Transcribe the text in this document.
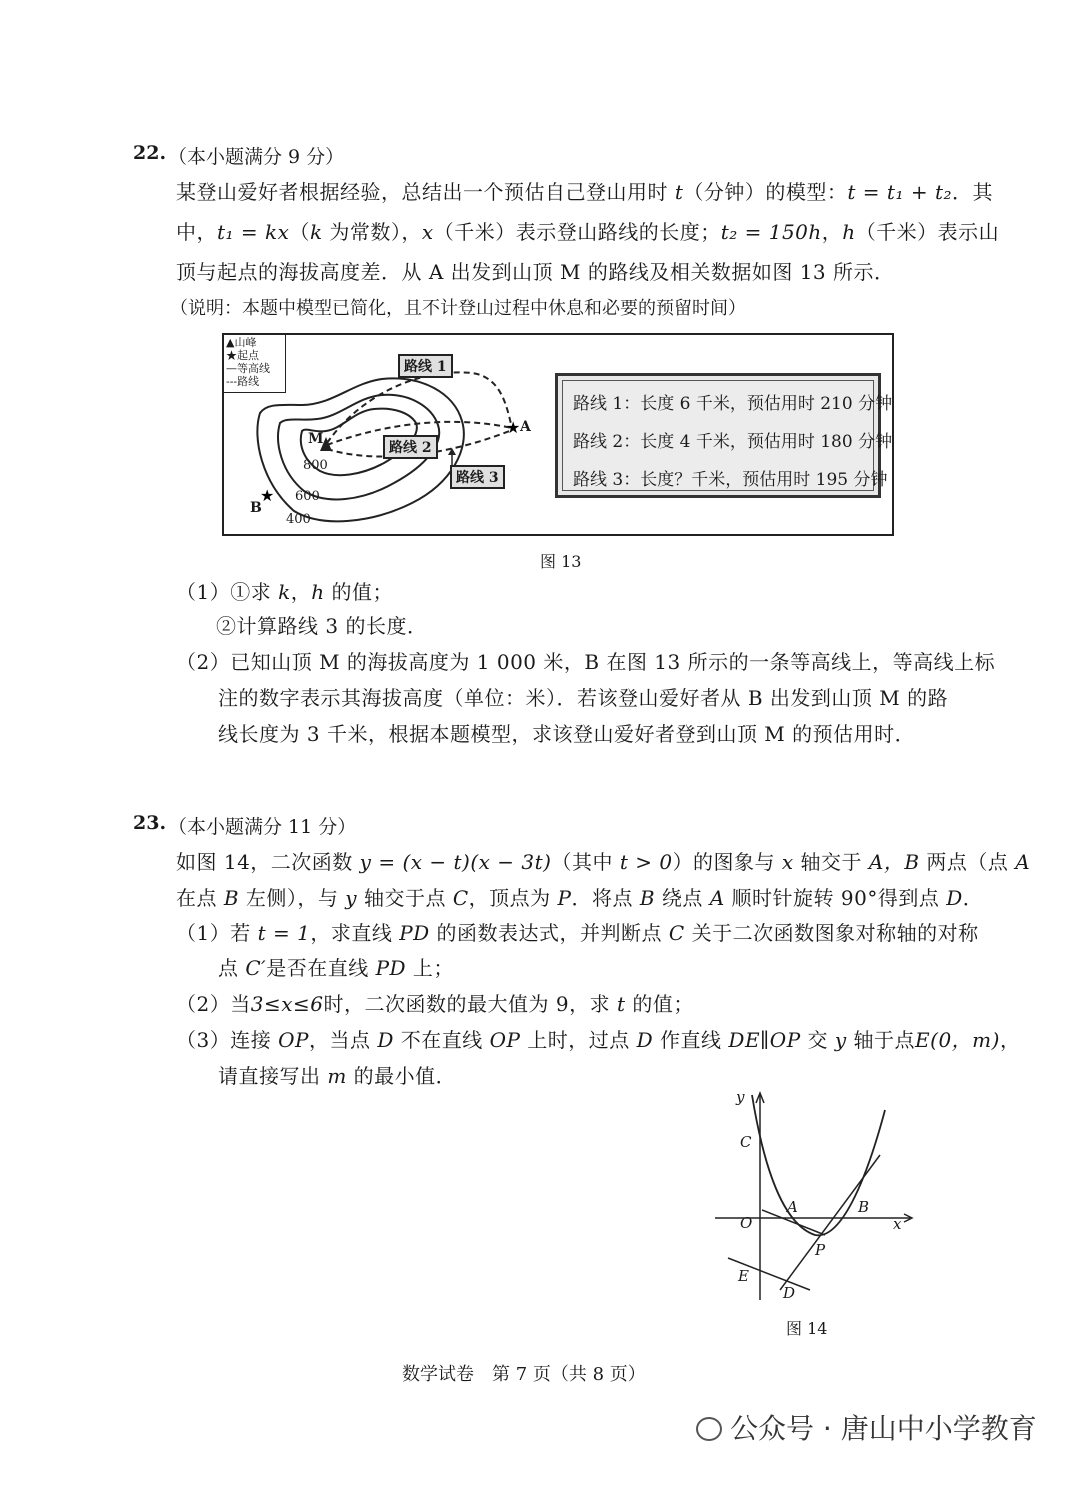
22. （本小题满分 9 分）
某登山爱好者根据经验，总结出一个预估自己登山用时 t（分钟）的模型：t = t₁ + t₂．其
中，t₁ = kx（k 为常数），x（千米）表示登山路线的长度；t₂ = 150h，h（千米）表示山
顶与起点的海拔高度差．从 A 出发到山顶 M 的路线及相关数据如图 13 所示．
（说明：本题中模型已简化，且不计登山过程中休息和必要的预留时间）
▲山峰
★起点
—等高线
---路线
★
★
M
A
B
800
600
400
路线 1
路线 2
路线 3
路线 1：长度 6 千米，预估用时 210 分钟
路线 2：长度 4 千米，预估用时 180 分钟
路线 3：长度？千米，预估用时 195 分钟
图 13
（1）①求 k，h 的值；
②计算路线 3 的长度．
（2）已知山顶 M 的海拔高度为 1 000 米，B 在图 13 所示的一条等高线上，等高线上标
注的数字表示其海拔高度（单位：米）．若该登山爱好者从 B 出发到山顶 M 的路
线长度为 3 千米，根据本题模型，求该登山爱好者登到山顶 M 的预估用时．
23. （本小题满分 11 分）
如图 14，二次函数 y = (x − t)(x − 3t)（其中 t > 0）的图象与 x 轴交于 A，B 两点（点 A
在点 B 左侧），与 y 轴交于点 C，顶点为 P．将点 B 绕点 A 顺时针旋转 90°得到点 D．
（1）若 t = 1，求直线 PD 的函数表达式，并判断点 C 关于二次函数图象对称轴的对称
点 C′是否在直线 PD 上；
（2）当3≤x≤6时，二次函数的最大值为 9，求 t 的值；
（3）连接 OP，当点 D 不在直线 OP 上时，过点 D 作直线 DE∥OP 交 y 轴于点E(0，m)，
请直接写出 m 的最小值．
y
x
O
A	B
C
P
E
D
图 14
数学试卷　第 7 页（共 8 页）
公众号 · 唐山中小学教育
